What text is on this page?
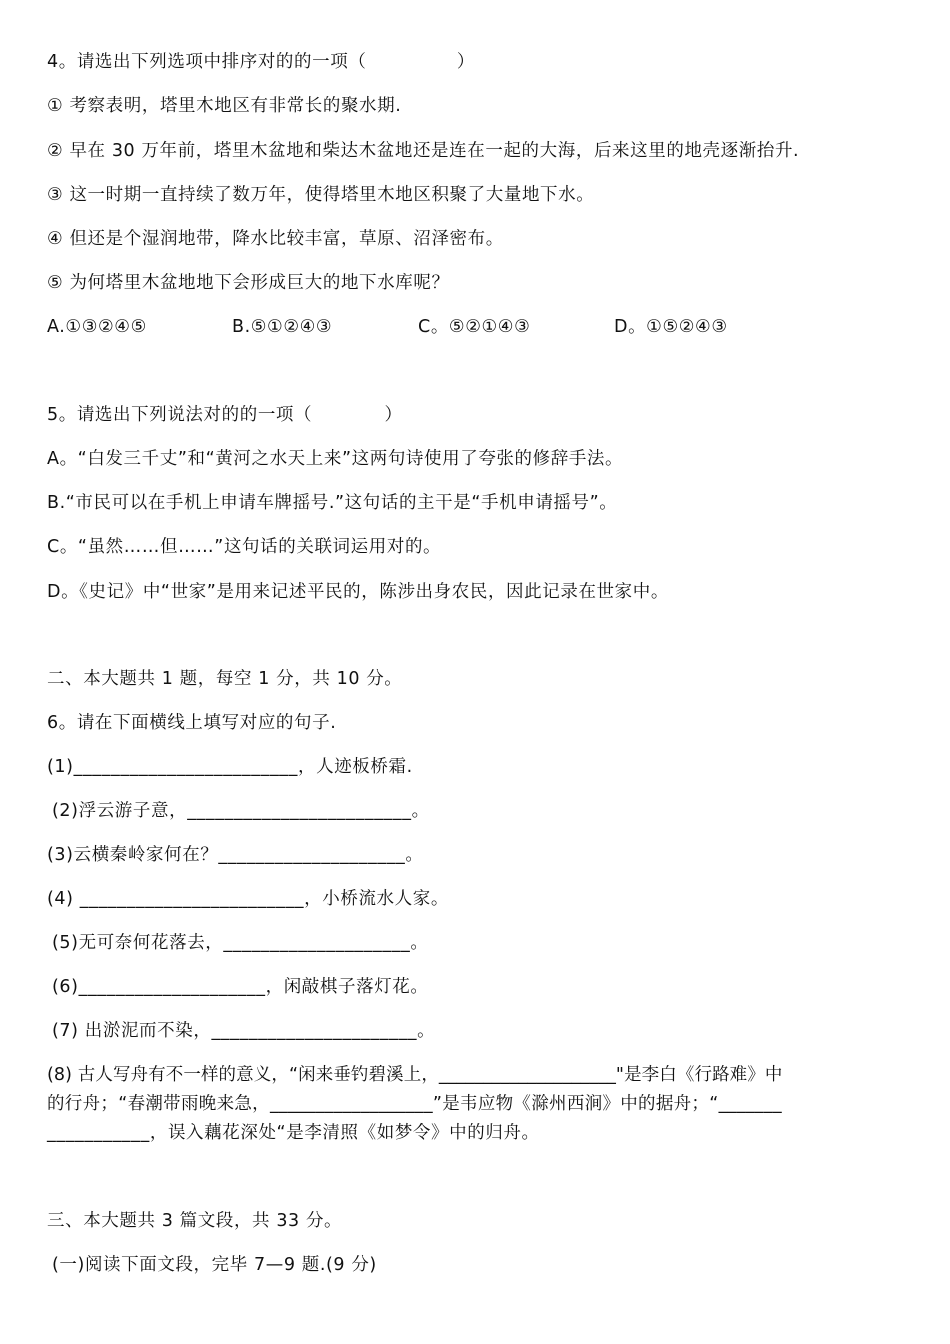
4。请选出下列选项中排序对的的一项（　　　　　）
① 考察表明，塔里木地区有非常长的聚水期.
② 早在 30 万年前，塔里木盆地和柴达木盆地还是连在一起的大海，后来这里的地壳逐渐抬升.
③ 这一时期一直持续了数万年，使得塔里木地区积聚了大量地下水。
④ 但还是个湿润地带，降水比较丰富，草原、沼泽密布。
⑤ 为何塔里木盆地地下会形成巨大的地下水库呢？
A.①③②④⑤	B.⑤①②④③	C。⑤②①④③	D。①⑤②④③
5。请选出下列说法对的的一项（　　　　）
A。“白发三千丈”和“黄河之水天上来”这两句诗使用了夸张的修辞手法。
B.“市民可以在手机上申请车牌摇号.”这句话的主干是“手机申请摇号”。
C。“虽然……但……”这句话的关联词运用对的。
D。《史记》中“世家”是用来记述平民的，陈涉出身农民，因此记录在世家中。
二、本大题共 1 题，每空 1 分，共 10 分。
6。请在下面横线上填写对应的句子.
(1)________________________，人迹板桥霜.
(2)浮云游子意，________________________。
(3)云横秦岭家何在？____________________。
(4) ________________________，小桥流水人家。
(5)无可奈何花落去，____________________。
(6)____________________，闲敲棋子落灯花。
(7) 出淤泥而不染，______________________。
(8) 古人写舟有不一样的意义，“闲来垂钓碧溪上，____________________"是李白《行路难》中
的行舟；“春潮带雨晚来急，__________________”是韦应物《滁州西涧》中的据舟；“_______
___________，误入藕花深处“是李清照《如梦令》中的归舟。
三、本大题共 3 篇文段，共 33 分。
(一)阅读下面文段，完毕 7—9 题.(9 分)
